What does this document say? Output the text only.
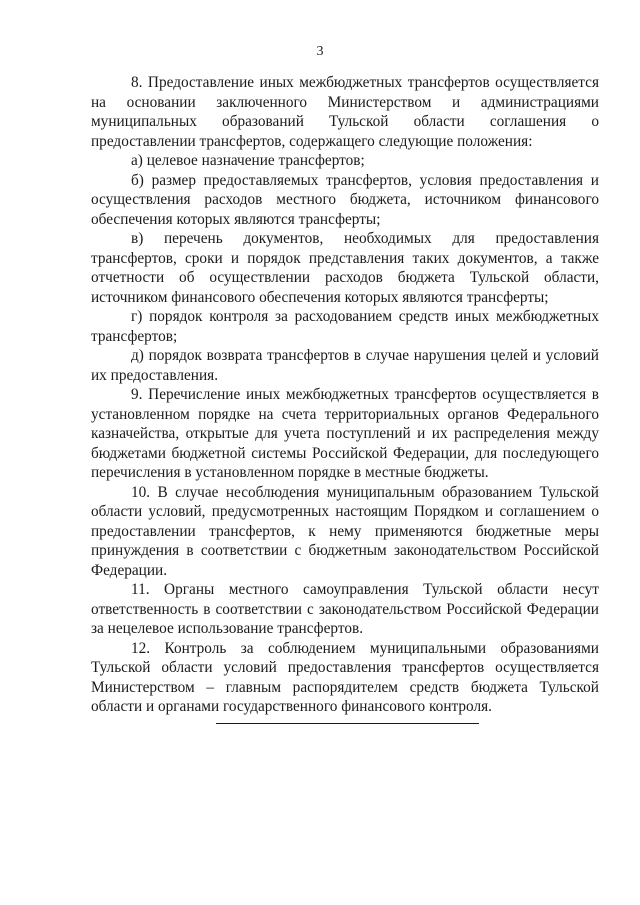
3

8. Предоставление иных межбюджетных трансфертов осуществляется на основании заключенного Министерством и администрациями муниципальных образований Тульской области соглашения о предоставлении трансфертов, содержащего следующие положения:

а) целевое назначение трансфертов;

б) размер предоставляемых трансфертов, условия предоставления и осуществления расходов местного бюджета, источником финансового обеспечения которых являются трансферты;

в) перечень документов, необходимых для предоставления трансфертов, сроки и порядок представления таких документов, а также отчетности об осуществлении расходов бюджета Тульской области, источником финансового обеспечения которых являются трансферты;

г) порядок контроля за расходованием средств иных межбюджетных трансфертов;

д) порядок возврата трансфертов в случае нарушения целей и условий их предоставления.

9. Перечисление иных межбюджетных трансфертов осуществляется в установленном порядке на счета территориальных органов Федерального казначейства, открытые для учета поступлений и их распределения между бюджетами бюджетной системы Российской Федерации, для последующего перечисления в установленном порядке в местные бюджеты.

10. В случае несоблюдения муниципальным образованием Тульской области условий, предусмотренных настоящим Порядком и соглашением о предоставлении трансфертов, к нему применяются бюджетные меры принуждения в соответствии с бюджетным законодательством Российской Федерации.

11. Органы местного самоуправления Тульской области несут ответственность в соответствии с законодательством Российской Федерации за нецелевое использование трансфертов.

12. Контроль за соблюдением муниципальными образованиями Тульской области условий предоставления трансфертов осуществляется Министерством – главным распорядителем средств бюджета Тульской области и органами государственного финансового контроля.
